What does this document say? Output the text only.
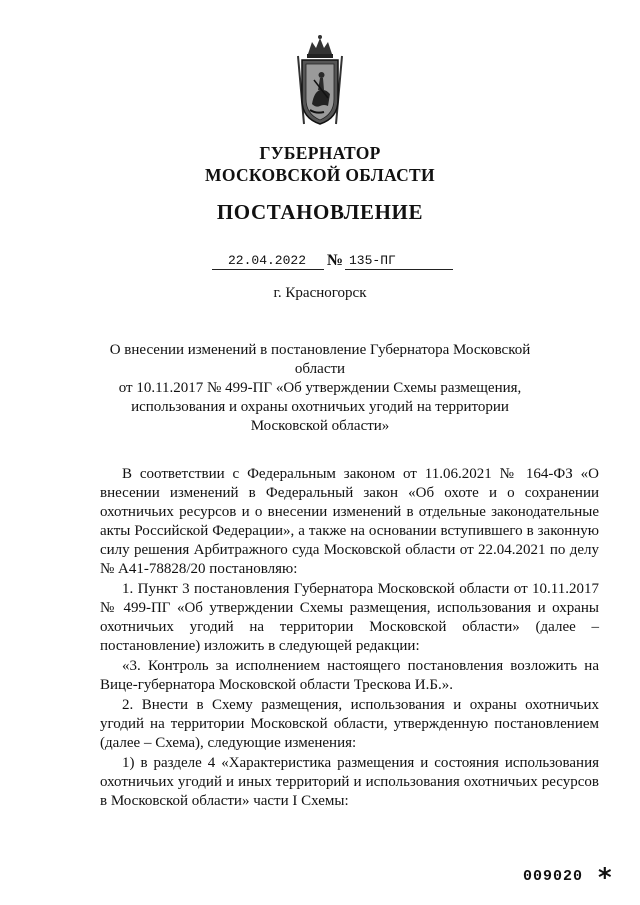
ГУБЕРНАТОР
МОСКОВСКОЙ ОБЛАСТИ
ПОСТАНОВЛЕНИЕ
22.04.2022	№ 135-ПГ
г. Красногорск
О внесении изменений в постановление Губернатора Московской области
от 10.11.2017 № 499-ПГ «Об утверждении Схемы размещения,
использования и охраны охотничьих угодий на территории
Московской области»

В соответствии с Федеральным законом от 11.06.2021 № 164-ФЗ «О внесении изменений в Федеральный закон «Об охоте и о сохранении охотничьих ресурсов и о внесении изменений в отдельные законодательные акты Российской Федерации», а также на основании вступившего в законную силу решения Арбитражного суда Московской области от 22.04.2021 по делу № А41-78828/20 постановляю:

1. Пункт 3 постановления Губернатора Московской области от 10.11.2017 № 499-ПГ «Об утверждении Схемы размещения, использования и охраны охотничьих угодий на территории Московской области» (далее – постановление) изложить в следующей редакции:

«3. Контроль за исполнением настоящего постановления возложить на Вице-губернатора Московской области Трескова И.Б.».

2. Внести в Схему размещения, использования и охраны охотничьих угодий на территории Московской области, утвержденную постановлением (далее – Схема), следующие изменения:

1) в разделе 4 «Характеристика размещения и состояния использования охотничьих угодий и иных территорий и использования охотничьих ресурсов в Московской области» части I Схемы:

009020 *
